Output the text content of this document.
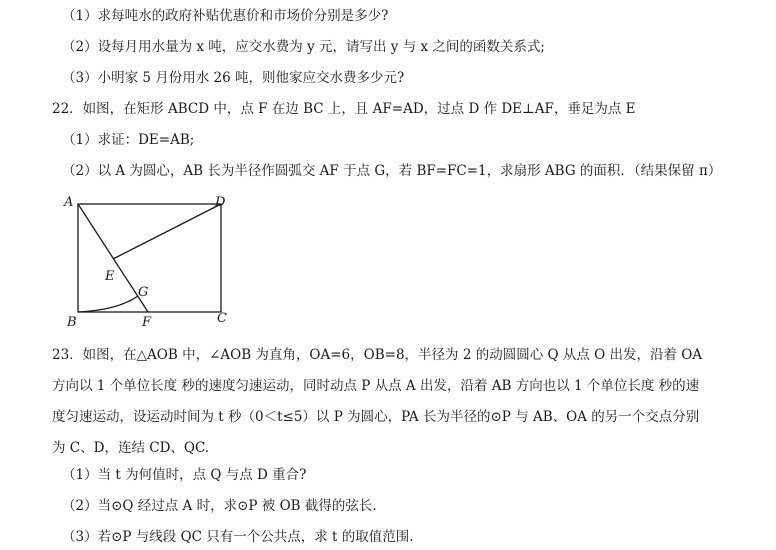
（1）求每吨水的政府补贴优惠价和市场价分别是多少?
（2）设每月用水量为 x 吨，应交水费为 y 元，请写出 y 与 x 之间的函数关系式;
（3）小明家 5 月份用水 26 吨，则他家应交水费多少元?
22．如图，在矩形 ABCD 中，点 F 在边 BC 上，且 AF=AD，过点 D 作 DE⊥AF，垂足为点 E
（1）求证：DE=AB;
（2）以 A 为圆心，AB 长为半径作圆弧交 AF 于点 G，若 BF=FC=1，求扇形 ABG 的面积．（结果保留 π）
A	D
E
G
B	F	C
23．如图，在△AOB 中，∠AOB 为直角，OA=6，OB=8，半径为 2 的动圆圆心 Q 从点 O 出发，沿着 OA
方向以 1 个单位长度 秒的速度匀速运动，同时动点 P 从点 A 出发，沿着 AB 方向也以 1 个单位长度 秒的速
度匀速运动，设运动时间为 t 秒（0＜t≤5）以 P 为圆心，PA 长为半径的⊙P 与 AB、OA 的另一个交点分别
为 C、D，连结 CD、QC.
（1）当 t 为何值时，点 Q 与点 D 重合?
（2）当⊙Q 经过点 A 时，求⊙P 被 OB 截得的弦长.
（3）若⊙P 与线段 QC 只有一个公共点，求 t 的取值范围.
